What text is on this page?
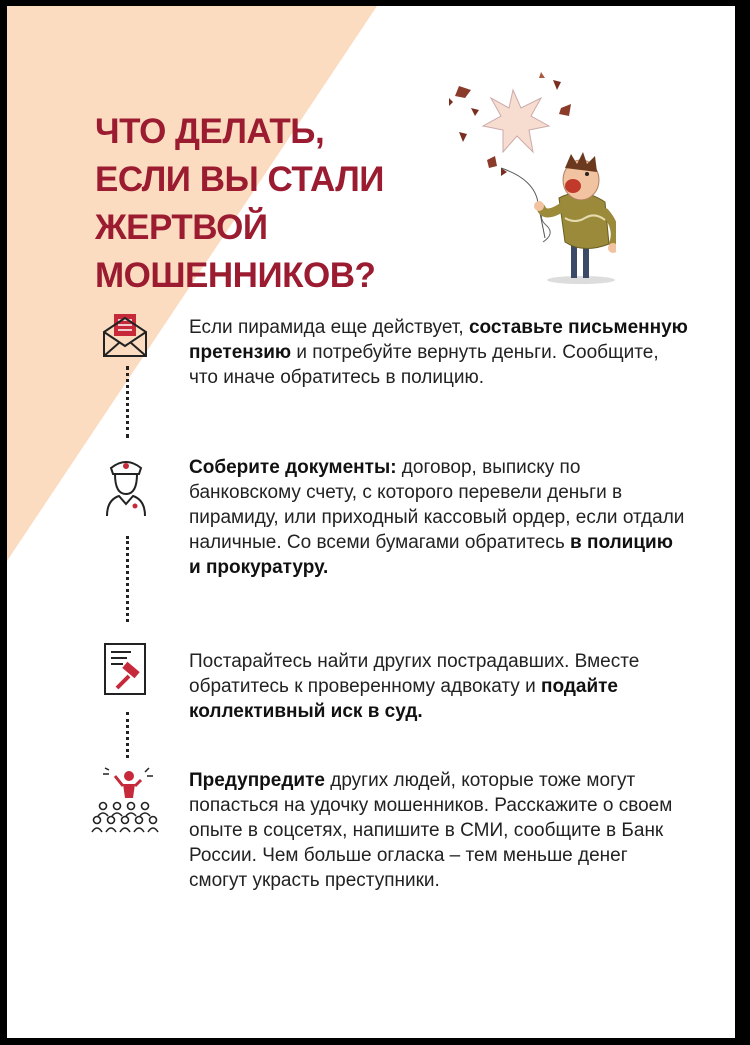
ЧТО ДЕЛАТЬ,
ЕСЛИ ВЫ СТАЛИ
ЖЕРТВОЙ
МОШЕННИКОВ?
Если пирамида еще действует, составьте письменную претензию и потребуйте вернуть деньги. Сообщите, что иначе обратитесь в полицию.
Соберите документы: договор, выписку по банковскому счету, с которого перевели деньги в пирамиду, или приходный кассовый ордер, если отдали наличные. Со всеми бумагами обратитесь в полицию и прокуратуру.
Постарайтесь найти других пострадавших. Вместе обратитесь к проверенному адвокату и подайте коллективный иск в суд.
Предупредите других людей, которые тоже могут попасться на удочку мошенников. Расскажите о своем опыте в соцсетях, напишите в СМИ, сообщите в Банк России. Чем больше огласка – тем меньше денег смогут украсть преступники.
